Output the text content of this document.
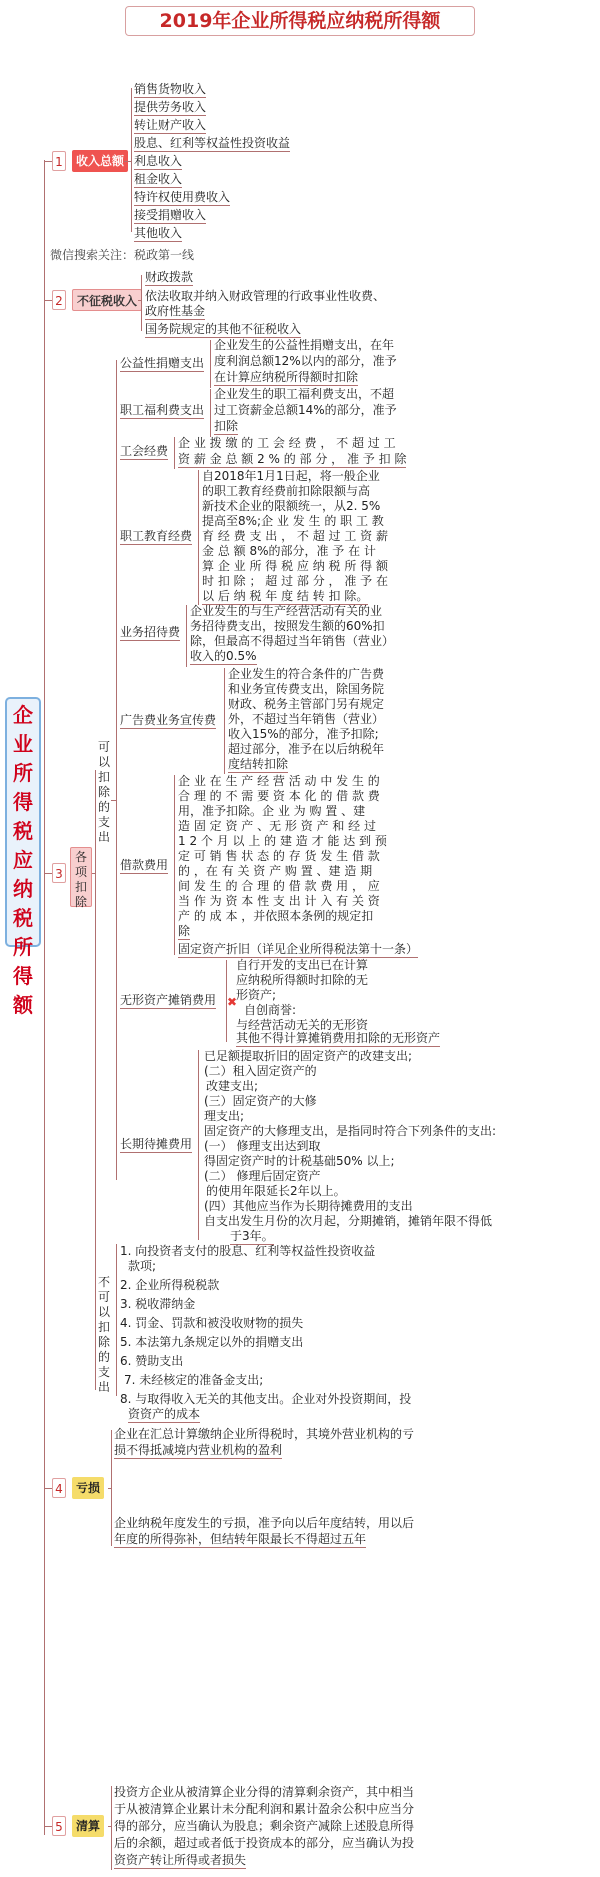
2019年企业所得税应纳税所得额
企业所得税应纳税所得额
1	收入总额
销售货物收入
提供劳务收入
转让财产收入
股息、红利等权益性投资收益
利息收入
租金收入
特许权使用费收入
接受捐赠收入
其他收入
微信搜索关注：税政第一线
2	不征税收入
财政拨款
依法收取并纳入财政管理的行政事业性收费、
政府性基金
国务院规定的其他不征税收入
3
各项扣除
可以扣除的支出
不可以扣除的支出
公益性捐赠支出
企业发生的公益性捐赠支出，在年
度利润总额12%以内的部分，准予
在计算应纳税所得额时扣除
职工福利费支出
企业发生的职工福利费支出，不超
过工资薪金总额14%的部分，准予
扣除
工会经费
企 业 拨 缴 的 工 会 经 费 ， 不 超 过 工
资 薪 金 总 额 2 % 的 部 分 ， 准 予 扣 除
职工教育经费
自2018年1月1日起，将一般企业
的职工教育经费前扣除限额与高
新技术企业的限额统一，从2. 5%
提高至8%;企 业 发 生 的 职 工 教
育 经 费 支 出 ， 不 超 过 工 资 薪
金 总 额 8%的部分，准 予 在 计
算 企 业 所 得 税 应 纳 税 所 得 额
时 扣 除 ； 超 过 部 分 ， 准 予 在
以 后 纳 税 年 度 结 转 扣 除。
业务招待费
企业发生的与生产经营活动有关的业
务招待费支出，按照发生额的60%扣
除，但最高不得超过当年销售（营业）
收入的0.5%
广告费业务宣传费
企业发生的符合条件的广告费
和业务宣传费支出，除国务院
财政、税务主管部门另有规定
外，不超过当年销售（营业）
收入15%的部分，准予扣除;
超过部分，准予在以后纳税年
度结转扣除
借款费用
企 业 在 生 产 经 营 活 动 中 发 生 的
合 理 的 不 需 要 资 本 化 的 借 款 费
用，准予扣除。企 业 为 购 置 、建
造 固 定 资 产 、无 形 资 产 和 经 过
1 2 个 月 以 上 的 建 造 才 能 达 到 预
定 可 销 售 状 态 的 存 货 发 生 借 款
的 ，在 有 关 资 产 购 置 、建 造 期
间 发 生 的 合 理 的 借 款 费 用 ， 应
当 作 为 资 本 性 支 出 计 入 有 关 资
产 的 成 本 ，并依照本条例的规定扣
除
固定资产折旧（详见企业所得税法第十一条）
无形资产摊销费用
自行开发的支出已在计算
应纳税所得额时扣除的无
形资产;
✖
自创商誉:
与经营活动无关的无形资
其他不得计算摊销费用扣除的无形资产
长期待摊费用
已足额提取折旧的固定资产的改建支出;
(二）租入固定资产的
改建支出;
(三）固定资产的大修
理支出;
固定资产的大修理支出，是指同时符合下列条件的支出:
(一） 修理支出达到取
得固定资产时的计税基础50% 以上;
(二） 修理后固定资产
的使用年限延长2年以上。
(四）其他应当作为长期待摊费用的支出
自支出发生月份的次月起，分期摊销，摊销年限不得低
于3年。
1. 向投资者支付的股息、红利等权益性投资收益
款项;
2. 企业所得税税款
3. 税收滞纳金
4. 罚金、罚款和被没收财物的损失
5. 本法第九条规定以外的捐赠支出
6. 赞助支出
7. 未经核定的准备金支出;
8. 与取得收入无关的其他支出。企业对外投资期间，投
资资产的成本
4	亏损
企业在汇总计算缴纳企业所得税时，其境外营业机构的亏
损不得抵减境内营业机构的盈利
企业纳税年度发生的亏损，准予向以后年度结转，用以后
年度的所得弥补，但结转年限最长不得超过五年
5	清算
投资方企业从被清算企业分得的清算剩余资产，其中相当
于从被清算企业累计未分配利润和累计盈余公积中应当分
得的部分，应当确认为股息；剩余资产减除上述股息所得
后的余额，超过或者低于投资成本的部分，应当确认为投
资资产转让所得或者损失
